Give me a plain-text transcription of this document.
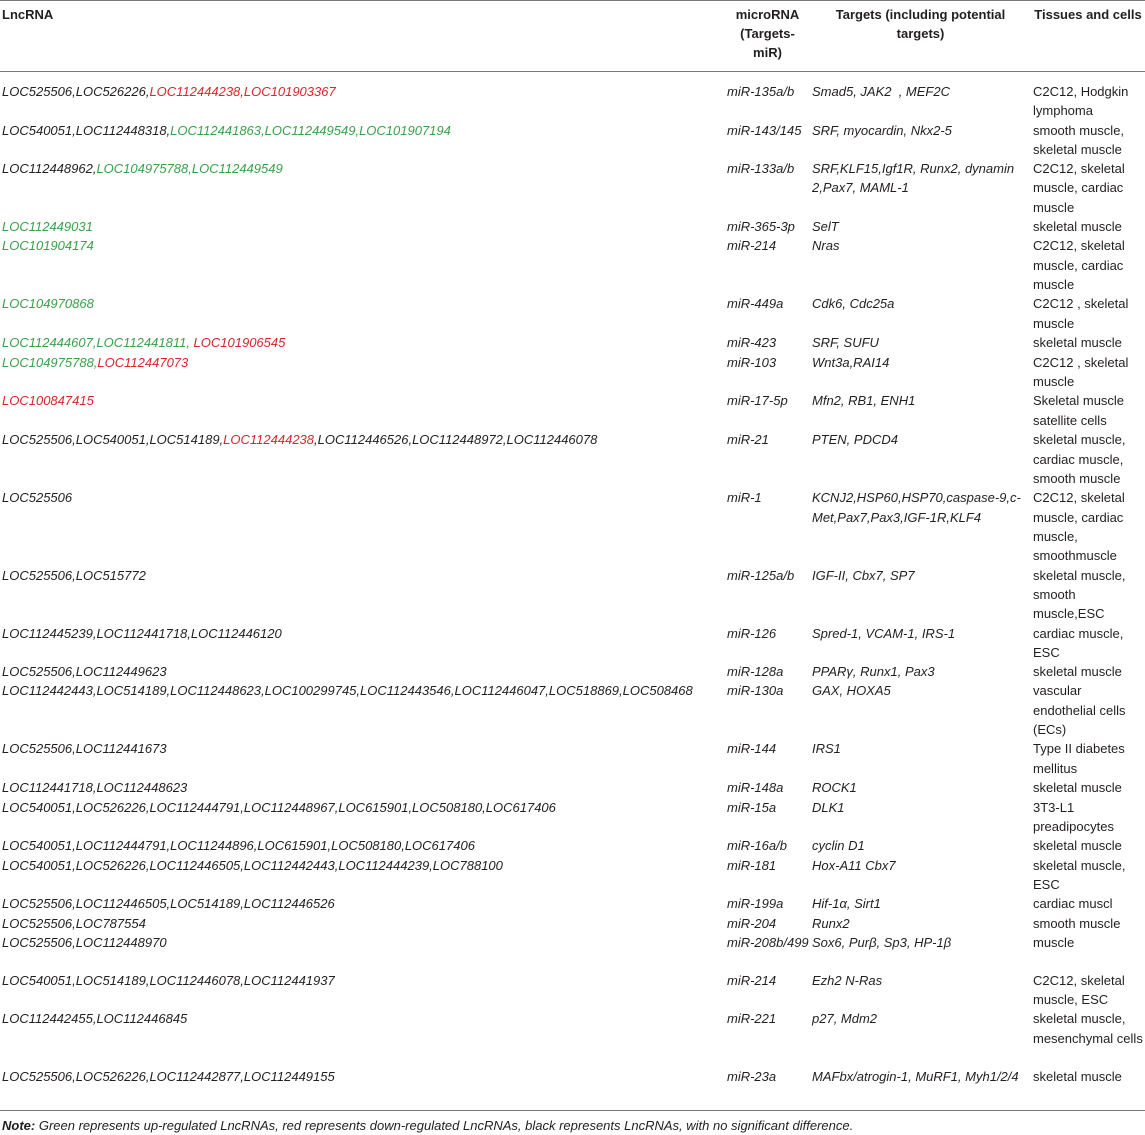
LncRNA	microRNA (Targets-miR)	Targets (including potential targets)	Tissues and cells
LOC525506,LOC526226,LOC112444238,LOC101903367	miR-135a/b	Smad5, JAK2  , MEF2C	C2C12, Hodgkin lymphoma
LOC540051,LOC112448318,LOC112441863,LOC112449549,LOC101907194	miR-143/145	SRF, myocardin, Nkx2-5	smooth muscle, skeletal muscle
LOC112448962,LOC104975788,LOC112449549	miR-133a/b	SRF,KLF15,Igf1R, Runx2, dynamin 2,Pax7, MAML-1	C2C12, skeletal muscle, cardiac muscle
LOC112449031	miR-365-3p	SelT	skeletal muscle
LOC101904174	miR-214	Nras	C2C12, skeletal muscle, cardiac muscle
LOC104970868	miR-449a	Cdk6, Cdc25a	C2C12 , skeletal muscle
LOC112444607,LOC112441811, LOC101906545	miR-423	SRF, SUFU	skeletal muscle
LOC104975788,LOC112447073	miR-103	Wnt3a,RAI14	C2C12 , skeletal muscle
LOC100847415	miR-17-5p	Mfn2, RB1, ENH1	Skeletal muscle satellite cells
LOC525506,LOC540051,LOC514189,LOC112444238,LOC112446526,LOC112448972,LOC112446078	miR-21	PTEN, PDCD4	skeletal muscle, cardiac muscle, smooth muscle
LOC525506	miR-1	KCNJ2,HSP60,HSP70,caspase-9,c-Met,Pax7,Pax3,IGF-1R,KLF4	C2C12, skeletal muscle, cardiac muscle, smoothmuscle
LOC525506,LOC515772	miR-125a/b	IGF-II, Cbx7, SP7	skeletal muscle, smooth muscle,ESC
LOC112445239,LOC112441718,LOC112446120	miR-126	Spred-1, VCAM-1, IRS-1	cardiac muscle, ESC
LOC525506,LOC112449623	miR-128a	PPARγ, Runx1, Pax3	skeletal muscle
LOC112442443,LOC514189,LOC112448623,LOC100299745,LOC112443546,LOC112446047,LOC518869,LOC508468	miR-130a	GAX, HOXA5	vascular endothelial cells (ECs)
LOC525506,LOC112441673	miR-144	IRS1	Type II diabetes mellitus
LOC112441718,LOC112448623	miR-148a	ROCK1	skeletal muscle
LOC540051,LOC526226,LOC112444791,LOC112448967,LOC615901,LOC508180,LOC617406	miR-15a	DLK1	3T3-L1 preadipocytes
LOC540051,LOC112444791,LOC11244896,LOC615901,LOC508180,LOC617406	miR-16a/b	cyclin D1	skeletal muscle
LOC540051,LOC526226,LOC112446505,LOC112442443,LOC112444239,LOC788100	miR-181	Hox-A11 Cbx7	skeletal muscle, ESC
LOC525506,LOC112446505,LOC514189,LOC112446526	miR-199a	Hif-1α, Sirt1	cardiac muscl
LOC525506,LOC787554	miR-204	Runx2	smooth muscle
LOC525506,LOC112448970	miR-208b/499	Sox6, Purβ, Sp3, HP-1β	muscle
LOC540051,LOC514189,LOC112446078,LOC112441937	miR-214	Ezh2 N-Ras	C2C12, skeletal muscle, ESC
LOC112442455,LOC112446845	miR-221	p27, Mdm2	skeletal muscle, mesenchymal cells
LOC525506,LOC526226,LOC112442877,LOC112449155	miR-23a	MAFbx/atrogin-1, MuRF1, Myh1/2/4	skeletal muscle
Note: Green represents up-regulated LncRNAs, red represents down-regulated LncRNAs, black represents LncRNAs, with no significant difference.
